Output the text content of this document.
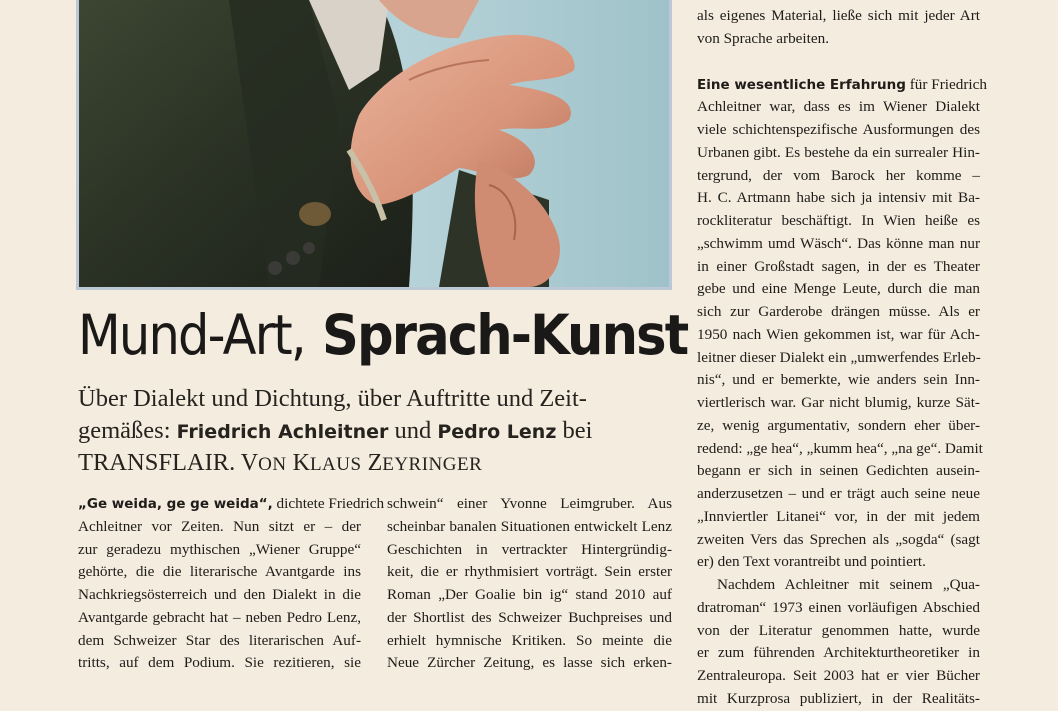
Mund-Art, Sprach-Kunst
Über Dialekt und Dichtung, über Auftritte und Zeit-
gemäßes: Friedrich Achleitner und Pedro Lenz bei
TRANSFLAIR. VON KLAUS ZEYRINGER
„Ge weida, ge ge weida“, dichtete Friedrich
Achleitner vor Zeiten. Nun sitzt er – der
zur geradezu mythischen „Wiener Gruppe“
gehörte, die die literarische Avantgarde ins
Nachkriegsösterreich und den Dialekt in die
Avantgarde gebracht hat – neben Pedro Lenz,
dem Schweizer Star des literarischen Auf-
tritts, auf dem Podium. Sie rezitieren, sie
schwein“ einer Yvonne Leimgruber. Aus
scheinbar banalen Situationen entwickelt Lenz
Geschichten in vertrackter Hintergründig-
keit, die er rhythmisiert vorträgt. Sein erster
Roman „Der Goalie bin ig“ stand 2010 auf
der Shortlist des Schweizer Buchpreises und
erhielt hymnische Kritiken. So meinte die
Neue Zürcher Zeitung, es lasse sich erken-
als eigenes Material, ließe sich mit jeder Art
von Sprache arbeiten.
Eine wesentliche Erfahrung für Friedrich
Achleitner war, dass es im Wiener Dialekt
viele schichtenspezifische Ausformungen des
Urbanen gibt. Es bestehe da ein surrealer Hin-
tergrund, der vom Barock her komme –
H. C. Artmann habe sich ja intensiv mit Ba-
rockliteratur beschäftigt. In Wien heiße es
„schwimm umd Wäsch“. Das könne man nur
in einer Großstadt sagen, in der es Theater
gebe und eine Menge Leute, durch die man
sich zur Garderobe drängen müsse. Als er
1950 nach Wien gekommen ist, war für Ach-
leitner dieser Dialekt ein „umwerfendes Erleb-
nis“, und er bemerkte, wie anders sein Inn-
viertlerisch war. Gar nicht blumig, kurze Sät-
ze, wenig argumentativ, sondern eher über-
redend: „ge hea“, „kumm hea“, „na ge“. Damit
begann er sich in seinen Gedichten ausein-
anderzusetzen – und er trägt auch seine neue
„Innviertler Litanei“ vor, in der mit jedem
zweiten Vers das Sprechen als „sogda“ (sagt
er) den Text vorantreibt und pointiert.
Nachdem Achleitner mit seinem „Qua-
dratroman“ 1973 einen vorläufigen Abschied
von der Literatur genommen hatte, wurde
er zum führenden Architekturtheoretiker in
Zentraleuropa. Seit 2003 hat er vier Bücher
mit Kurzprosa publiziert, in der Realitäts-
